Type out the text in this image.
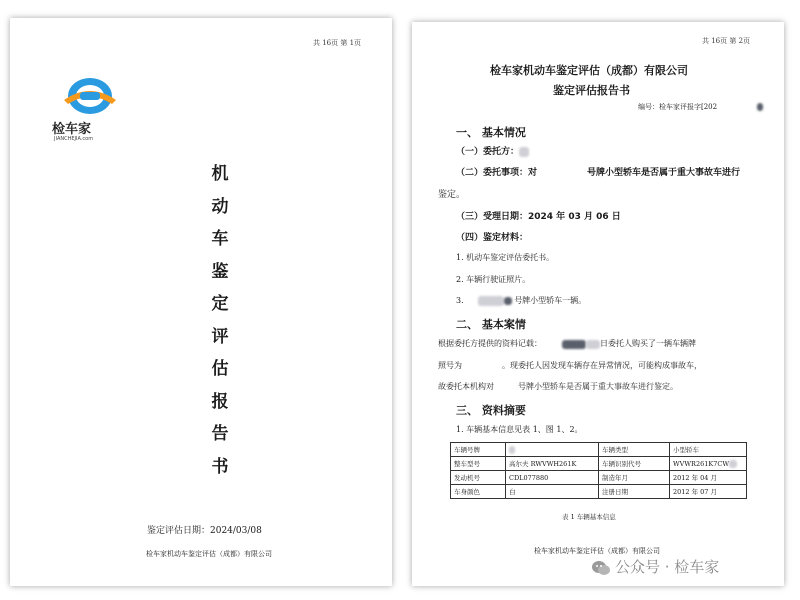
共 16页 第 1页
检车家
JIANCHEJIA.com
机
动
车
鉴
定
评
估
报
告
书
鉴定评估日期：2024/03/08
检车家机动车鉴定评估（成都）有限公司
共 16页 第 2页
检车家机动车鉴定评估（成都）有限公司
鉴定评估报告书
编号：检车家评报字[202
一、 基本情况
（一）委托方：
（二）委托事项：对	号牌小型轿车是否属于重大事故车进行
鉴定。
（三）受理日期：2024 年 03 月 06 日
（四）鉴定材料：
1. 机动车鉴定评估委托书。
2. 车辆行驶证照片。
3.	号牌小型轿车一辆。
二、 基本案情
根据委托方提供的资料记载：	日委托人购买了一辆车辆牌
照号为	。现委托人因发现车辆存在异常情况，可能构成事故车，
故委托本机构对	号牌小型轿车是否属于重大事故车进行鉴定。
三、 资料摘要
1. 车辆基本信息见表 1、图 1、2。
车辆号牌		车辆类型	小型轿车
整车型号	高尔夫 RWVWH261K	车辆识别代号	WVWR261K7CW
发动机号	CDL077880	制造年月	2012 年 04 月
车身颜色	白	注册日期	2012 年 07 月
表 1 车辆基本信息
检车家机动车鉴定评估（成都）有限公司
公众号 · 检车家
